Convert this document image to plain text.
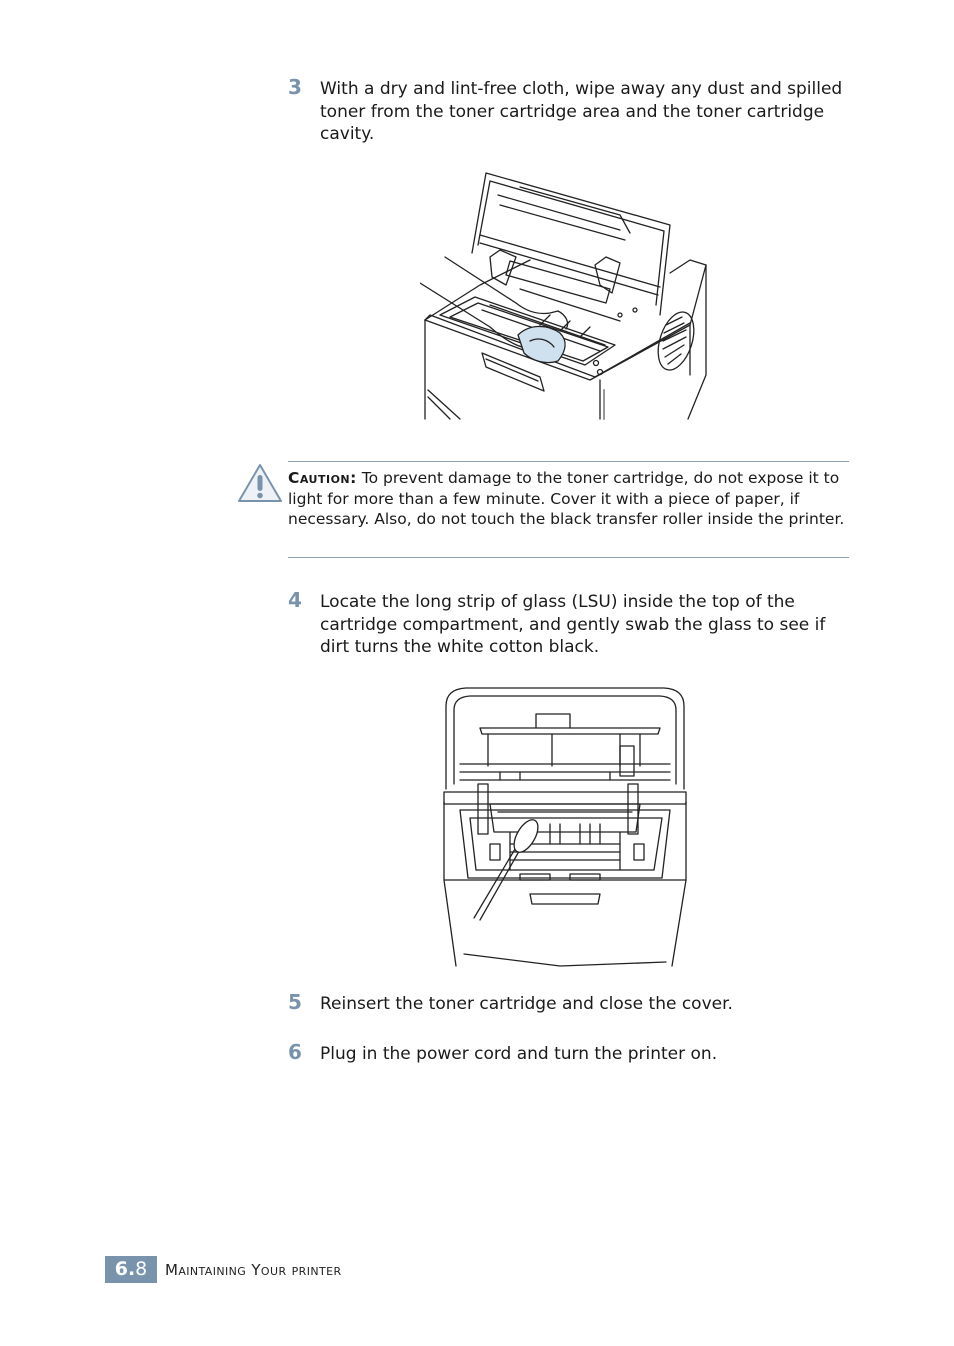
3 With a dry and lint-free cloth, wipe away any dust and spilled toner from the toner cartridge area and the toner cartridge cavity.
Caution: To prevent damage to the toner cartridge, do not expose it to light for more than a few minute. Cover it with a piece of paper, if necessary. Also, do not touch the black transfer roller inside the printer.
4 Locate the long strip of glass (LSU) inside the top of the cartridge compartment, and gently swab the glass to see if dirt turns the white cotton black.
5 Reinsert the toner cartridge and close the cover.
6 Plug in the power cord and turn the printer on.
6.8	Maintaining Your printer
